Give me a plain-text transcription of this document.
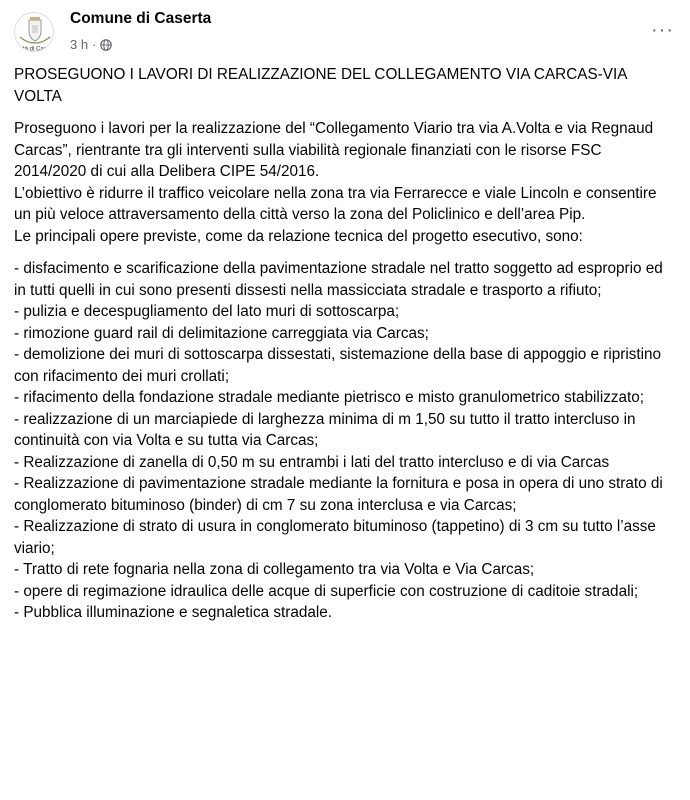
ittà di Case
Comune di Caserta
3 h ·
···

PROSEGUONO I LAVORI DI REALIZZAZIONE DEL COLLEGAMENTO VIA CARCAS-VIA VOLTA

Proseguono i lavori per la realizzazione del “Collegamento Viario tra via A.Volta e via Regnaud Carcas”, rientrante tra gli interventi sulla viabilità regionale finanziati con le risorse FSC 2014/2020 di cui alla Delibera CIPE 54/2016.

L’obiettivo è ridurre il traffico veicolare nella zona tra via Ferrarecce e viale Lincoln e consentire un più veloce attraversamento della città verso la zona del Policlinico e dell’area Pip.

Le principali opere previste, come da relazione tecnica del progetto esecutivo, sono:

- disfacimento e scarificazione della pavimentazione stradale nel tratto soggetto ad esproprio ed in tutti quelli in cui sono presenti dissesti nella massicciata stradale e trasporto a rifiuto;

- pulizia e decespugliamento del lato muri di sottoscarpa;

- rimozione guard rail di delimitazione carreggiata via Carcas;

- demolizione dei muri di sottoscarpa dissestati, sistemazione della base di appoggio e ripristino con rifacimento dei muri crollati;

- rifacimento della fondazione stradale mediante pietrisco e misto granulometrico stabilizzato;

- realizzazione di un marciapiede di larghezza minima di m 1,50 su tutto il tratto intercluso in continuità con via Volta e su tutta via Carcas;

- Realizzazione di zanella di 0,50 m su entrambi i lati del tratto intercluso e di via Carcas

- Realizzazione di pavimentazione stradale mediante la fornitura e posa in opera di uno strato di conglomerato bituminoso (binder) di cm 7 su zona interclusa e via Carcas;

- Realizzazione di strato di usura in conglomerato bituminoso (tappetino) di 3 cm su tutto l’asse viario;

- Tratto di rete fognaria nella zona di collegamento tra via Volta e Via Carcas;

- opere di regimazione idraulica delle acque di superficie con costruzione di caditoie stradali;

- Pubblica illuminazione e segnaletica stradale.
